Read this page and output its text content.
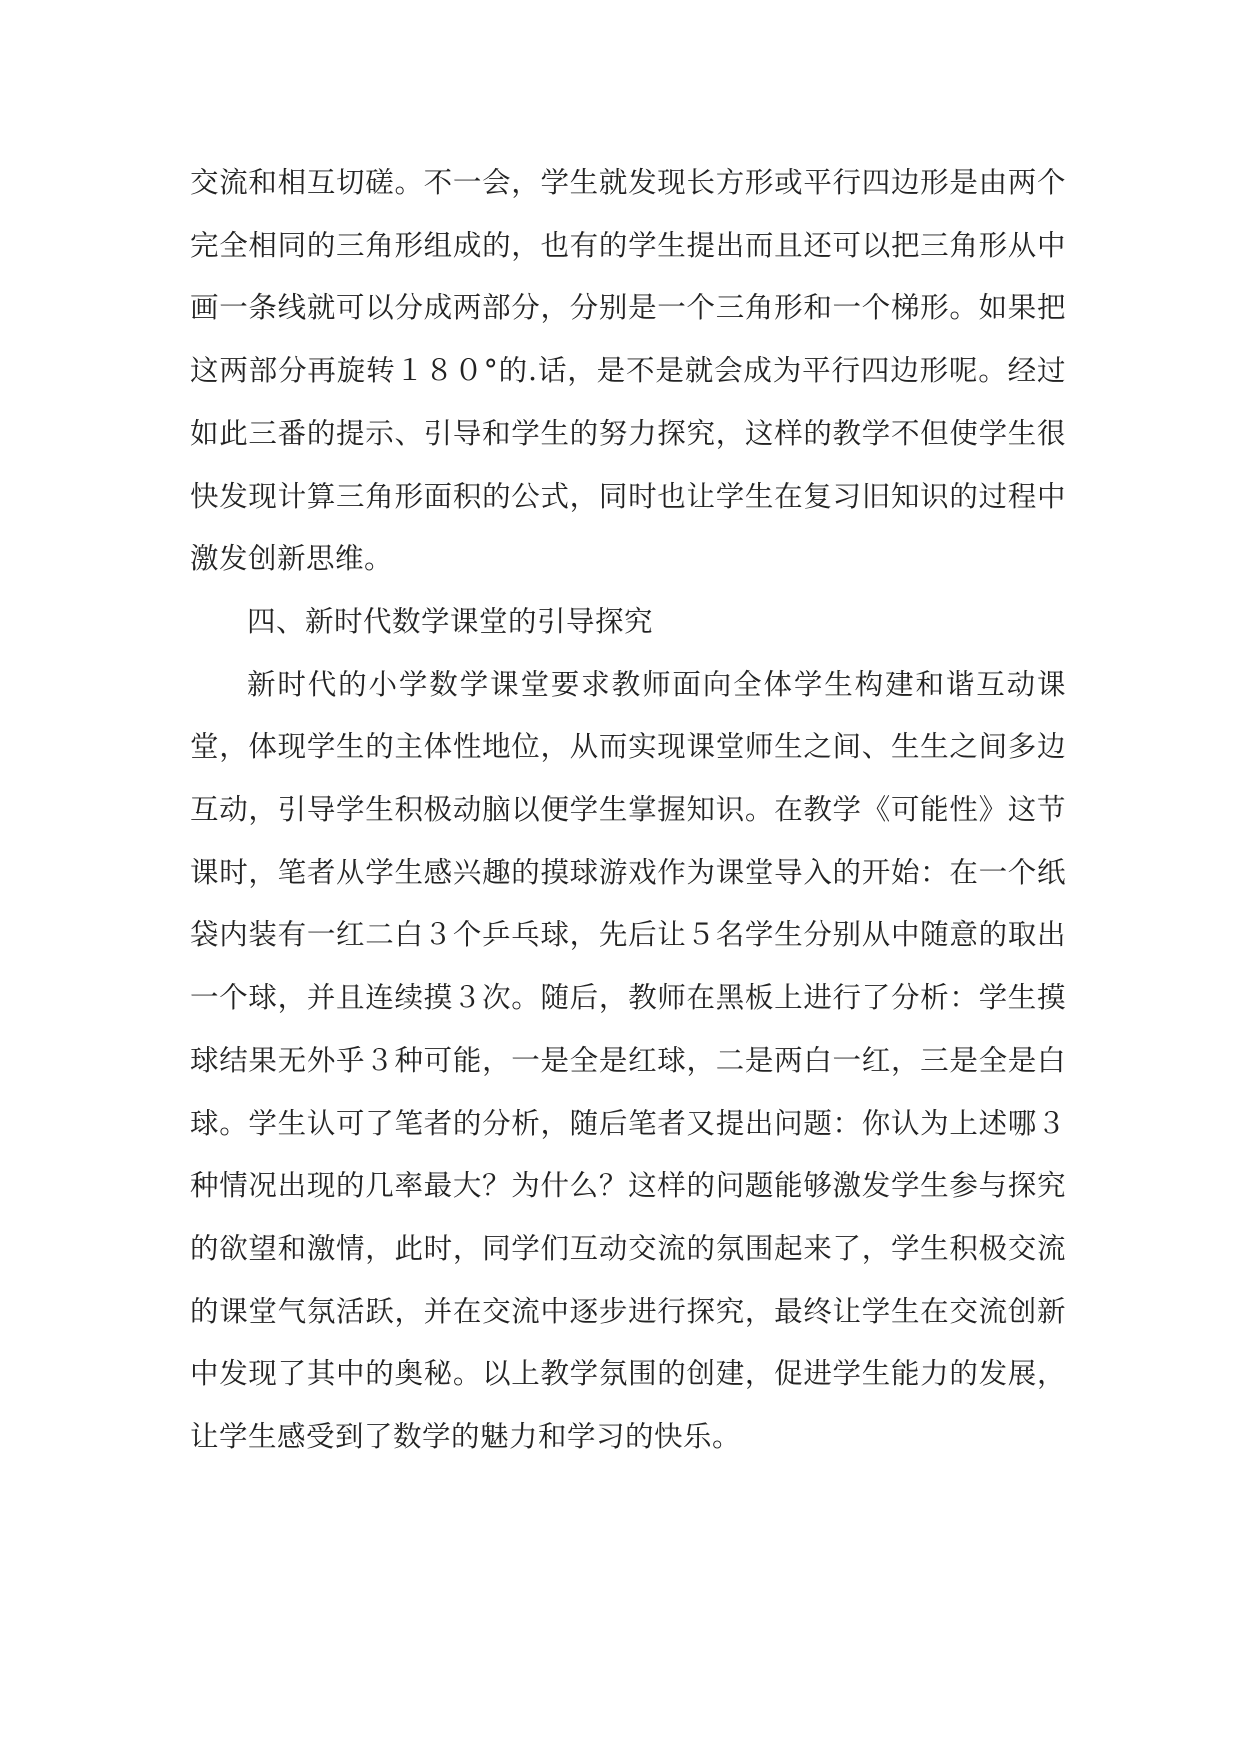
交流和相互切磋。不一会，学生就发现长方形或平行四边形是由两个完全相同的三角形组成的，也有的学生提出而且还可以把三角形从中画一条线就可以分成两部分，分别是一个三角形和一个梯形。如果把这两部分再旋转１８０°的.话，是不是就会成为平行四边形呢。经过如此三番的提示、引导和学生的努力探究，这样的教学不但使学生很快发现计算三角形面积的公式，同时也让学生在复习旧知识的过程中激发创新思维。

四、新时代数学课堂的引导探究

新时代的小学数学课堂要求教师面向全体学生构建和谐互动课堂，体现学生的主体性地位，从而实现课堂师生之间、生生之间多边互动，引导学生积极动脑以便学生掌握知识。在教学《可能性》这节课时，笔者从学生感兴趣的摸球游戏作为课堂导入的开始：在一个纸袋内装有一红二白３个乒乓球，先后让５名学生分别从中随意的取出一个球，并且连续摸３次。随后，教师在黑板上进行了分析：学生摸球结果无外乎３种可能，一是全是红球，二是两白一红，三是全是白球。学生认可了笔者的分析，随后笔者又提出问题：你认为上述哪３种情况出现的几率最大？为什么？这样的问题能够激发学生参与探究的欲望和激情，此时，同学们互动交流的氛围起来了，学生积极交流的课堂气氛活跃，并在交流中逐步进行探究，最终让学生在交流创新中发现了其中的奥秘。以上教学氛围的创建，促进学生能力的发展，让学生感受到了数学的魅力和学习的快乐。
